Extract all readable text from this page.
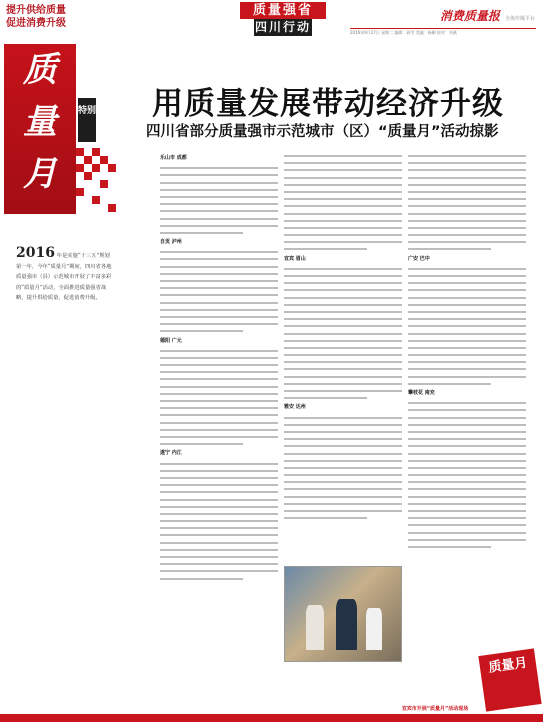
提升供给质量
促进消费升级
质量强省
四川行动
消费质量报 全体传媒平台
2016年9月27日 星期二 编辑：蒋雪 美编：杨柳 校对：刘燕
质
量
月
特别
2016 年是实施“十三五”规划第一年，今年“质量月”期间，四川省各地质量强市（县）示范城市开展了丰富多彩的“质量月”活动，全面推进质量强省战略，提升供给质量，促进消费升级。
用质量发展带动经济升级
四川省部分质量强市示范城市（区）“质量月”活动掠影
乐山市 成都
自贡 泸州
德阳 广元
遂宁 内江
宜宾 眉山
雅安 达州
广安 巴中
攀枝花 南充
宜宾市开展“质量月”活动现场
质量月
